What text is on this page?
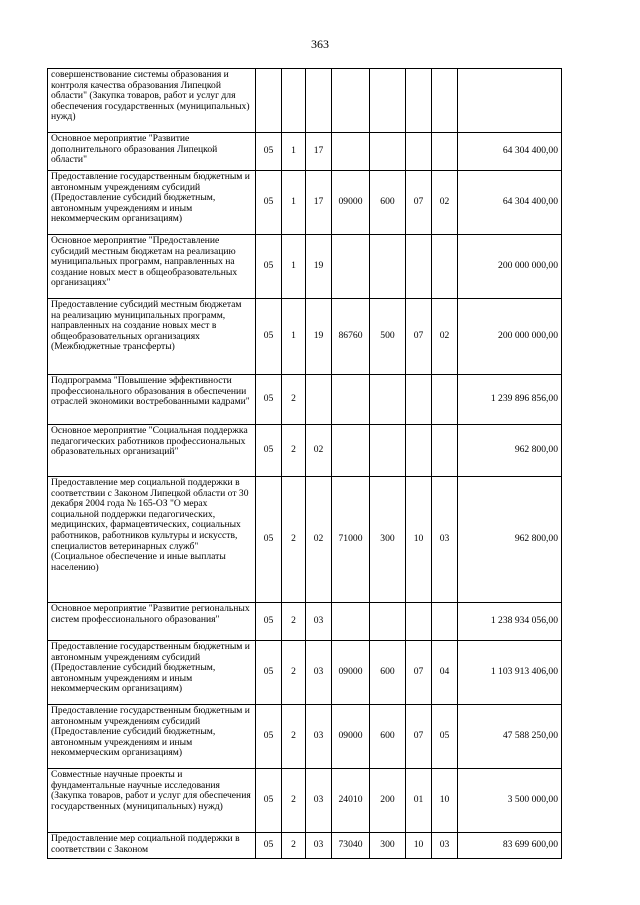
363
совершенствование системы образования и контроля качества образования Липецкой области" (Закупка товаров, работ и услуг для обеспечения государственных (муниципальных) нужд)								
Основное мероприятие "Развитие дополнительного образования Липецкой области"	05	1	17					64 304 400,00
Предоставление государственным бюджетным и автономным учреждениям субсидий (Предоставление субсидий бюджетным, автономным учреждениям и иным некоммерческим организациям)	05	1	17	09000	600	07	02	64 304 400,00
Основное мероприятие "Предоставление субсидий местным бюджетам на реализацию муниципальных программ, направленных на создание новых мест в общеобразовательных организациях"	05	1	19					200 000 000,00
Предоставление субсидий местным бюджетам на реализацию муниципальных программ, направленных на создание новых мест в общеобразовательных организациях (Межбюджетные трансферты)	05	1	19	86760	500	07	02	200 000 000,00
Подпрограмма "Повышение эффективности профессионального образования в обеспечении отраслей экономики востребованными кадрами"	05	2						1 239 896 856,00
Основное мероприятие "Социальная поддержка педагогических работников профессиональных образовательных организаций"	05	2	02					962 800,00
Предоставление мер социальной поддержки в соответствии с Законом Липецкой области от 30 декабря 2004 года № 165-ОЗ "О мерах социальной поддержки педагогических, медицинских, фармацевтических, социальных работников, работников культуры и искусств, специалистов ветеринарных служб" (Социальное обеспечение и иные выплаты населению)	05	2	02	71000	300	10	03	962 800,00
Основное мероприятие "Развитие региональных систем профессионального образования"	05	2	03					1 238 934 056,00
Предоставление государственным бюджетным и автономным учреждениям субсидий (Предоставление субсидий бюджетным, автономным учреждениям и иным некоммерческим организациям)	05	2	03	09000	600	07	04	1 103 913 406,00
Предоставление государственным бюджетным и автономным учреждениям субсидий (Предоставление субсидий бюджетным, автономным учреждениям и иным некоммерческим организациям)	05	2	03	09000	600	07	05	47 588 250,00
Совместные научные проекты и фундаментальные научные исследования (Закупка товаров, работ и услуг для обеспечения государственных (муниципальных) нужд)	05	2	03	24010	200	01	10	3 500 000,00
Предоставление мер социальной поддержки в соответствии с Законом	05	2	03	73040	300	10	03	83 699 600,00
